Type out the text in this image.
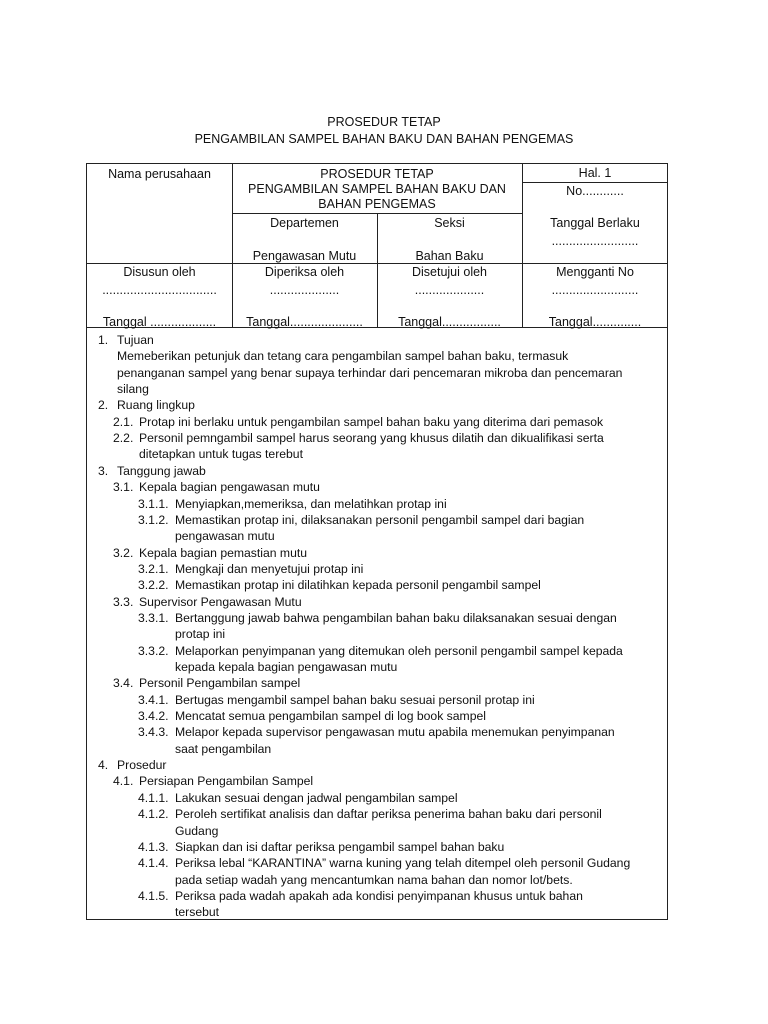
PROSEDUR TETAP
PENGAMBILAN SAMPEL BAHAN BAKU DAN BAHAN PENGEMAS
Nama perusahaan	PROSEDUR TETAP
PENGAMBILAN SAMPEL BAHAN BAKU DAN
BAHAN PENGEMAS
Hal. 1
No............
Departemen
Pengawasan Mutu
Seksi
Bahan Baku
Tanggal Berlaku
.........................
Disusun oleh
.................................
Tanggal ...................
Diperiksa oleh
....................
Tanggal.....................
Disetujui oleh
....................
Tanggal.................
Mengganti No
.........................
Tanggal..............
1. Tujuan
Memeberikan petunjuk dan tetang cara pengambilan sampel bahan baku, termasuk
penanganan sampel yang benar supaya terhindar dari pencemaran mikroba dan pencemaran
silang
2. Ruang lingkup
2.1. Protap ini berlaku untuk pengambilan sampel bahan baku yang diterima dari pemasok
2.2. Personil pemngambil sampel harus seorang yang khusus dilatih dan dikualifikasi serta
ditetapkan untuk tugas terebut
3. Tanggung jawab
3.1. Kepala bagian pengawasan mutu
3.1.1. Menyiapkan,memeriksa, dan melatihkan protap ini
3.1.2. Memastikan protap ini, dilaksanakan personil pengambil sampel dari bagian
pengawasan mutu
3.2. Kepala bagian pemastian mutu
3.2.1. Mengkaji dan menyetujui protap ini
3.2.2. Memastikan protap ini dilatihkan kepada personil pengambil sampel
3.3. Supervisor Pengawasan Mutu
3.3.1. Bertanggung jawab bahwa pengambilan bahan baku dilaksanakan sesuai dengan
protap ini
3.3.2. Melaporkan penyimpanan yang ditemukan oleh personil pengambil sampel kepada
kepada kepala bagian pengawasan mutu
3.4. Personil Pengambilan sampel
3.4.1. Bertugas mengambil sampel bahan baku sesuai personil protap ini
3.4.2. Mencatat semua pengambilan sampel di log book sampel
3.4.3. Melapor kepada supervisor pengawasan mutu apabila menemukan penyimpanan
saat pengambilan
4. Prosedur
4.1. Persiapan Pengambilan Sampel
4.1.1. Lakukan sesuai dengan jadwal pengambilan sampel
4.1.2. Peroleh sertifikat analisis dan daftar periksa penerima bahan baku dari personil
Gudang
4.1.3. Siapkan dan isi daftar periksa pengambil sampel bahan baku
4.1.4. Periksa lebal “KARANTINA” warna kuning yang telah ditempel oleh personil Gudang
pada setiap wadah yang mencantumkan nama bahan dan nomor lot/bets.
4.1.5. Periksa pada wadah apakah ada kondisi penyimpanan khusus untuk bahan
tersebut
